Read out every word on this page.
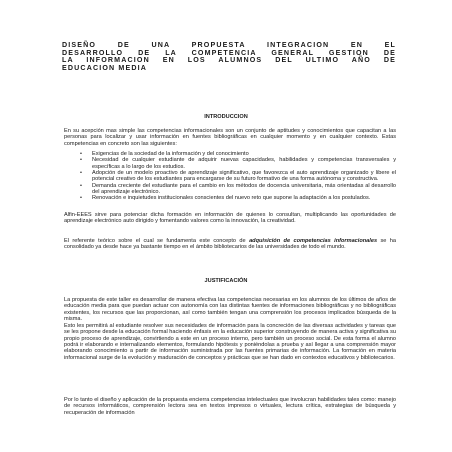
DISEÑO DE UNA PROPUESTA INTEGRACION EN EL
DESARROLLO DE LA COMPETENCIA GENERAL GESTION DE
LA INFORMACION EN LOS ALUMNOS DEL ULTIMO AÑO DE
EDUCACION MEDIA
INTRODUCCION

En su acepción mas simple las competencias informacionales son un conjunto de aptitudes y conocimientos que capacitan a las personas para localizar y usar información en fuentes bibliográficas en cualquier momento y en cualquier contexto. Estas competencias en concreto son las siguientes:

• Exigencias de la sociedad de la información y del conocimiento
• Necesidad de cualquier estudiante de adquirir nuevas capacidades, habilidades y competencias transversales y específicas a lo largo de los estudios.
• Adopción de un modelo proactivo de aprendizaje significativo, que favorezca el auto aprendizaje organizado y libere el potencial creativo de los estudiantes para encargarse de su futuro formativo de una forma autónoma y constructiva.
• Demanda creciente del estudiante para el cambio en los métodos de docencia universitaria, más orientadas al desarrollo del aprendizaje electrónico.
• Renovación e inquietudes institucionales conscientes del nuevo reto que supone la adaptación a los postulados.

Alfin-EEES sirve para potenciar dicha formación en información de quienes lo consultan, multiplicando las oportunidades de aprendizaje electrónico auto dirigido y fomentando valores como la innovación, la creatividad.

El referente teórico sobre el cual se fundamenta este concepto de adquisición de competencias informacionales se ha consolidado ya desde hace ya bastante tiempo en el ámbito bibliotecarios de las universidades de todo el mundo.

JUSTIFICACIÓN

La propuesta de este taller es desarrollar de manera efectiva las competencias necesarias en los alumnos de los últimos de años de educación media para que puedan actuar con autonomía con las distintas fuentes de informaciones bibliográficas y no bibliográficas existentes, los recursos que las proporcionan, así como también tengan una comprensión los procesos implicados búsqueda de la misma.

Esto les permitirá al estudiante resolver sus necesidades de información para la concreción de las diversas actividades y tareas que se les propone desde la educación formal haciendo énfasis en la educación superior construyendo de manera activa y significativa su propio proceso de aprendizaje, convirtiendo a este en un proceso interno, pero también un proceso social. De esta forma el alumno podrá ir elaborando e internalizando elementos, formulando hipótesis y poniéndolas a prueba y así llegar a una comprensión mayor elaborando conocimiento a partir de información suministrada por las fuentes primarias de información. La formación en materia informacional surge de la evolución y maduración de conceptos y prácticas que se han dado en contextos educativos y bibliotecarios.

Por lo tanto el diseño y aplicación de la propuesta encierra competencias intelectuales que involucran habilidades tales como: manejo de recursos informáticos, comprensión lectora sea en textos impresos o virtuales, lectura crítica, estrategias de búsqueda y recuperación de información
